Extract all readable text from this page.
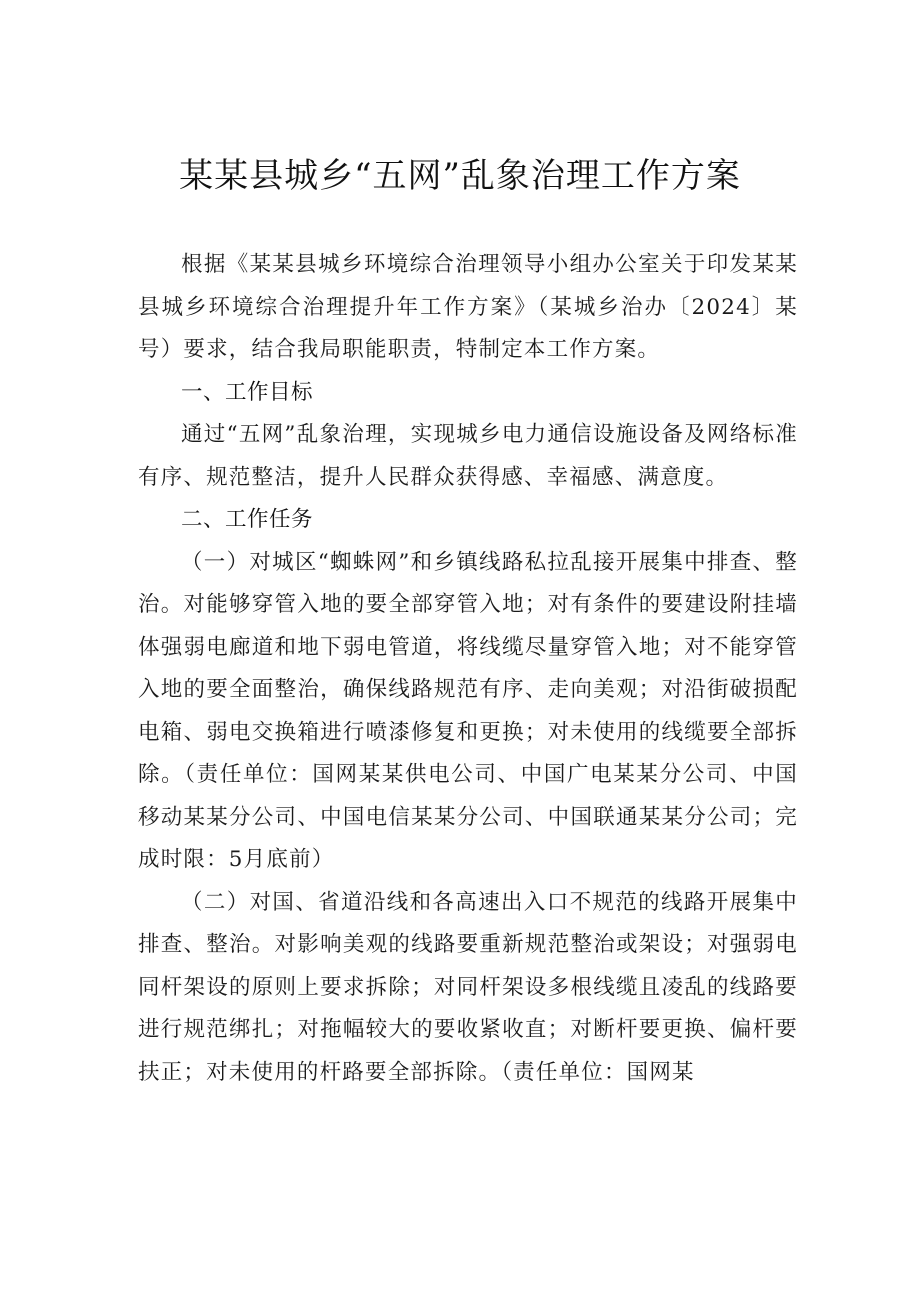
某某县城乡“五网”乱象治理工作方案

根据《某某县城乡环境综合治理领导小组办公室关于印发某某县城乡环境综合治理提升年工作方案》（某城乡治办〔2024〕某号）要求，结合我局职能职责，特制定本工作方案。

一、工作目标

通过“五网”乱象治理，实现城乡电力通信设施设备及网络标准有序、规范整洁，提升人民群众获得感、幸福感、满意度。

二、工作任务

（一）对城区“蜘蛛网”和乡镇线路私拉乱接开展集中排查、整治。对能够穿管入地的要全部穿管入地；对有条件的要建设附挂墙体强弱电廊道和地下弱电管道，将线缆尽量穿管入地；对不能穿管入地的要全面整治，确保线路规范有序、走向美观；对沿街破损配电箱、弱电交换箱进行喷漆修复和更换；对未使用的线缆要全部拆除。（责任单位：国网某某供电公司、中国广电某某分公司、中国移动某某分公司、中国电信某某分公司、中国联通某某分公司；完成时限：5月底前）

（二）对国、省道沿线和各高速出入口不规范的线路开展集中排查、整治。对影响美观的线路要重新规范整治或架设；对强弱电同杆架设的原则上要求拆除；对同杆架设多根线缆且凌乱的线路要进行规范绑扎；对拖幅较大的要收紧收直；对断杆要更换、偏杆要扶正；对未使用的杆路要全部拆除。（责任单位：国网某
